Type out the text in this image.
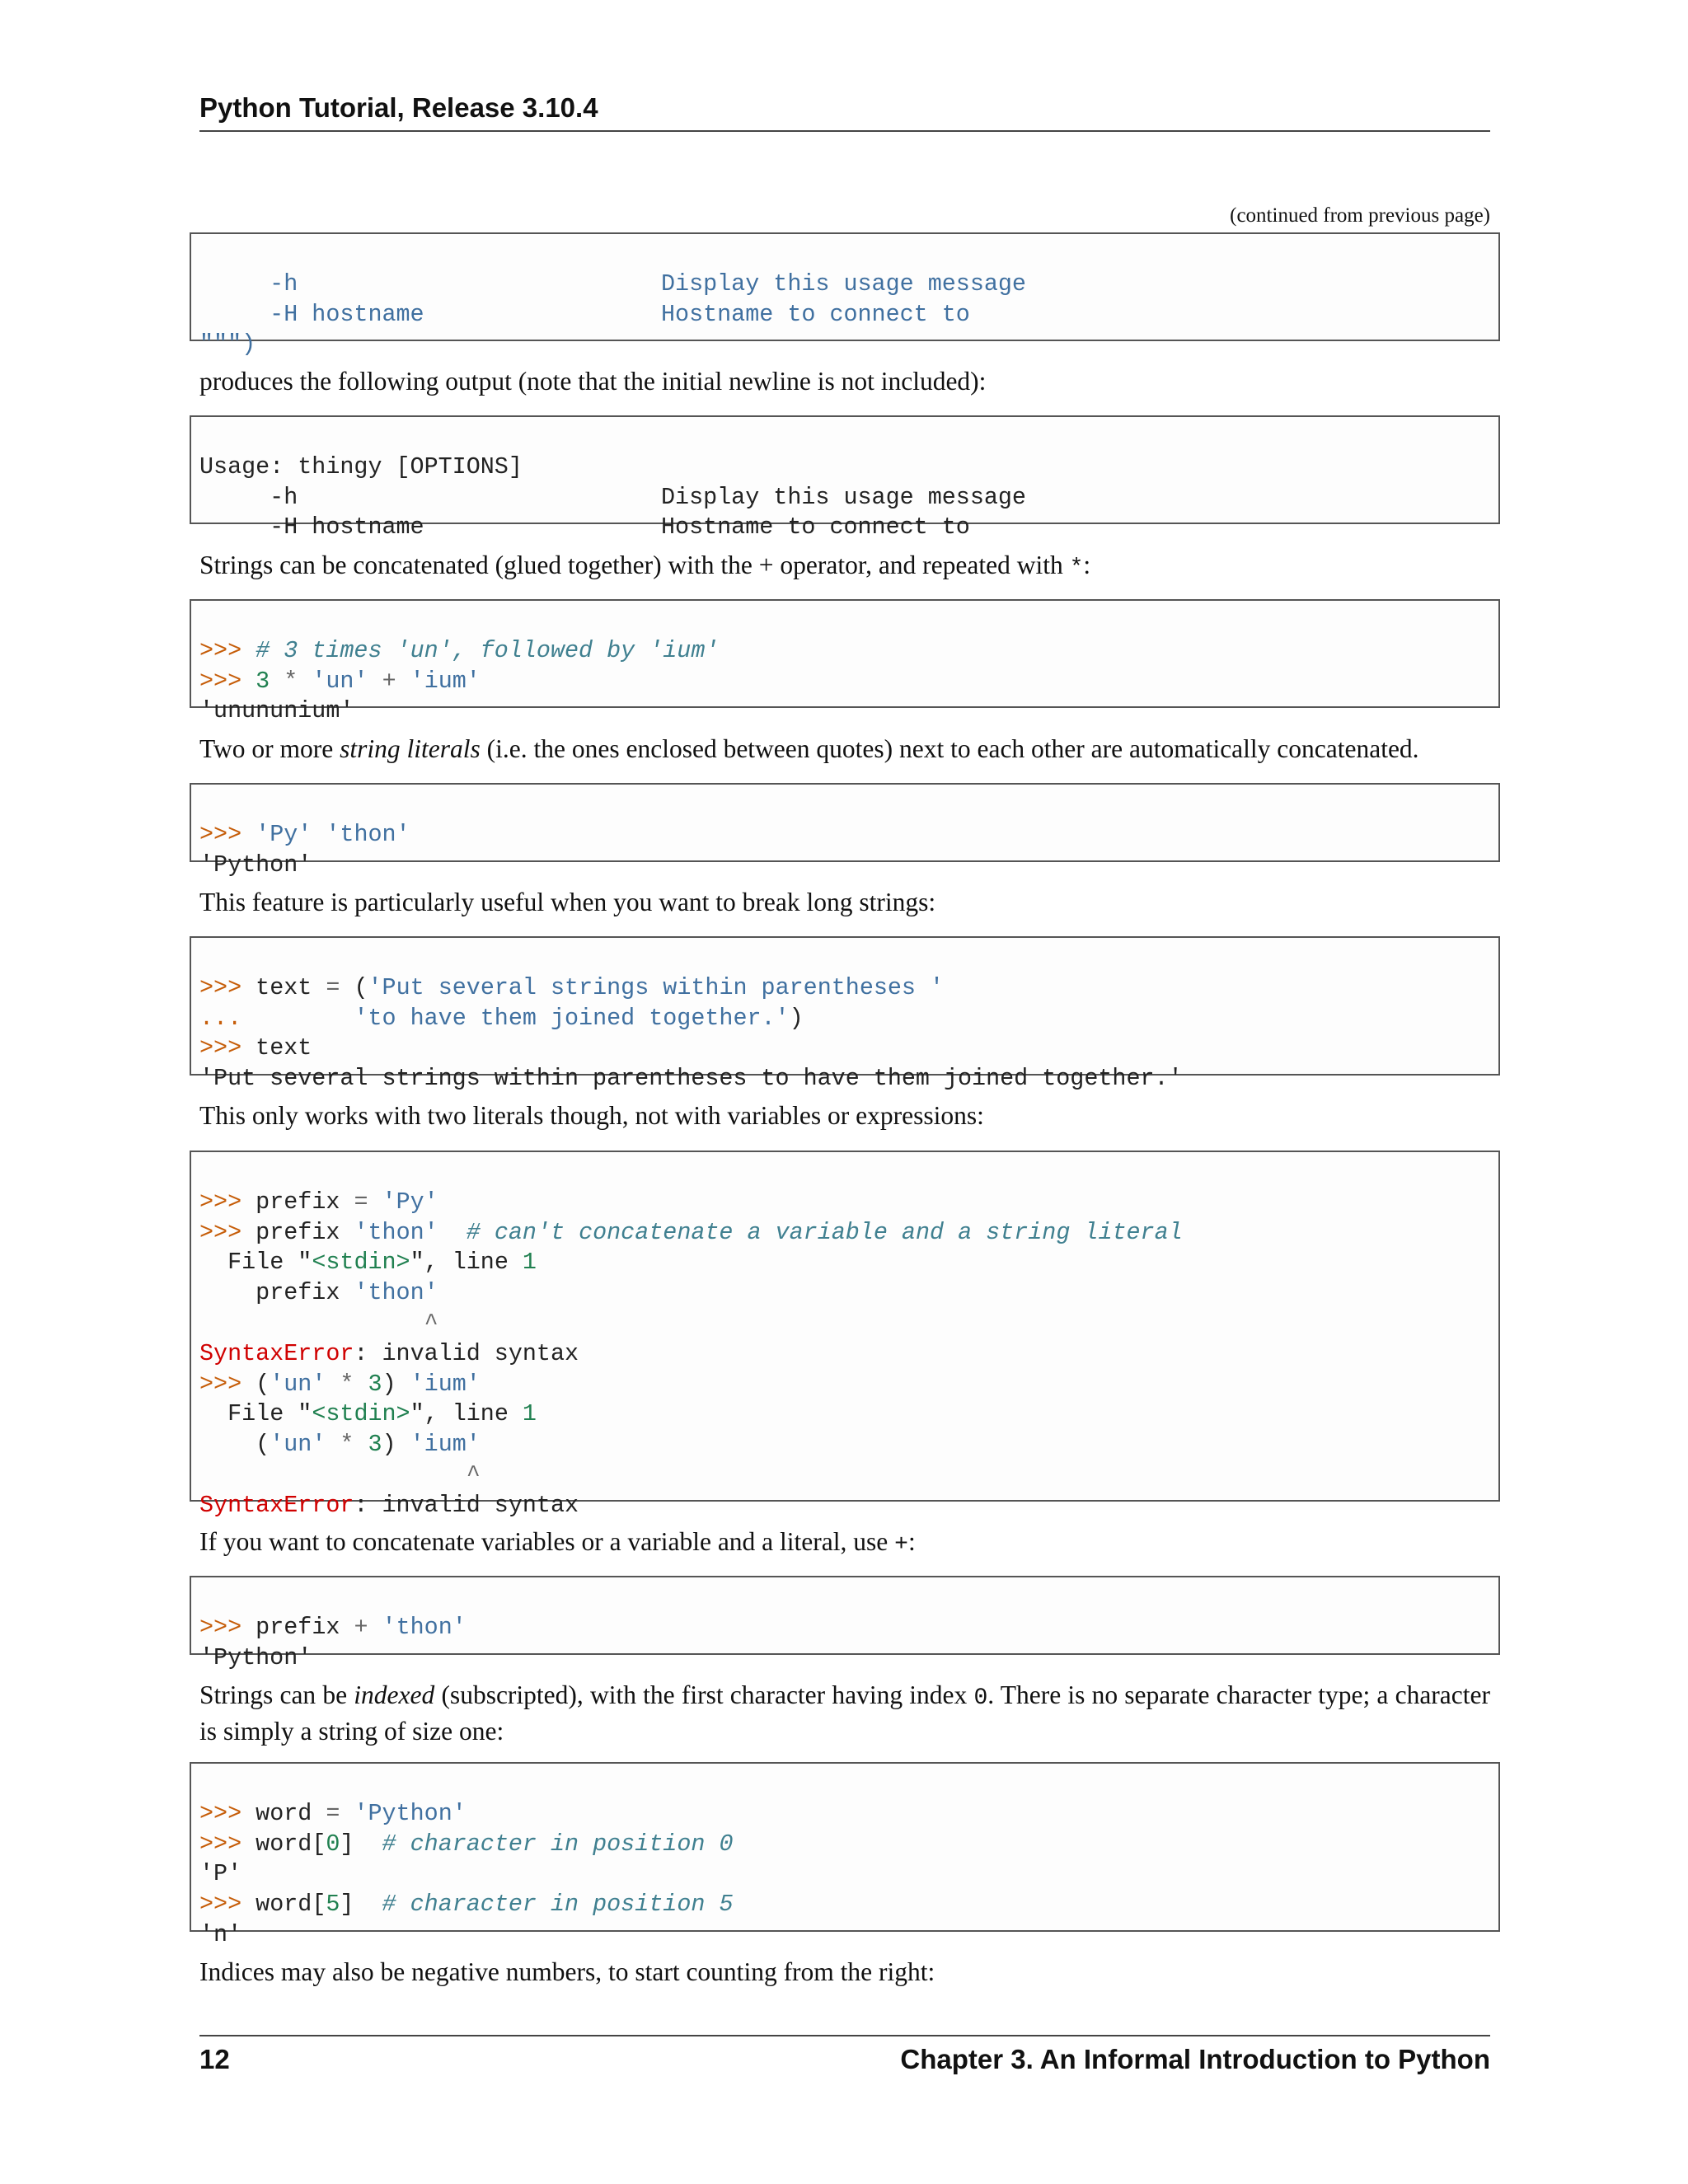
Python Tutorial, Release 3.10.4
(continued from previous page)

-h	Display this usage message
-H hostname	Hostname to connect to
""")

produces the following output (note that the initial newline is not included):

Usage: thingy [OPTIONS]
-h	Display this usage message
-H hostname	Hostname to connect to

Strings can be concatenated (glued together) with the + operator, and repeated with *:

>>> # 3 times 'un', followed by 'ium'
>>> 3 * 'un' + 'ium'
'unununium'

Two or more string literals (i.e. the ones enclosed between quotes) next to each other are automatically concatenated.

>>> 'Py' 'thon'
'Python'

This feature is particularly useful when you want to break long strings:

>>> text = ('Put several strings within parentheses '
...	'to have them joined together.')
>>> text
'Put several strings within parentheses to have them joined together.'

This only works with two literals though, not with variables or expressions:

>>> prefix = 'Py'
>>> prefix 'thon' # can't concatenate a variable and a string literal
File "<stdin>", line 1
prefix 'thon'
^
SyntaxError: invalid syntax
>>> ('un' * 3) 'ium'
File "<stdin>", line 1
('un' * 3) 'ium'
^
SyntaxError: invalid syntax

If you want to concatenate variables or a variable and a literal, use +:

>>> prefix + 'thon'
'Python'

Strings can be indexed (subscripted), with the first character having index 0. There is no separate character type; a character is simply a string of size one:

>>> word = 'Python'
>>> word[0] # character in position 0
'P'
>>> word[5] # character in position 5
'n'

Indices may also be negative numbers, to start counting from the right:
12	Chapter 3. An Informal Introduction to Python
